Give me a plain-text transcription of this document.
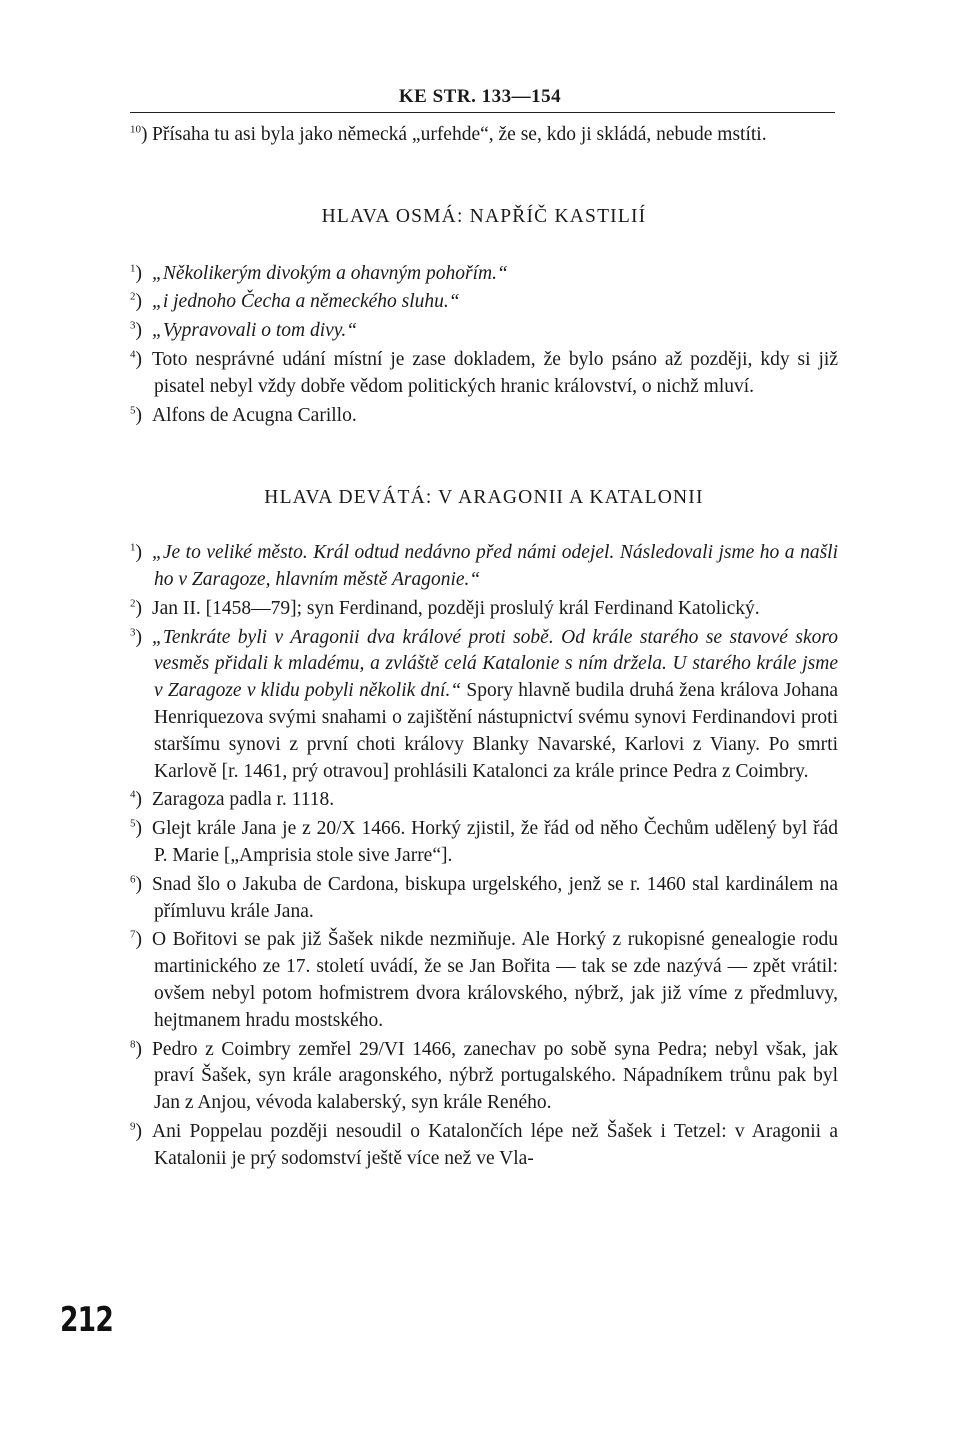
KE STR. 133—154

$^{10}$) Přísaha tu asi byla jako německá „urfehde“, že se, kdo ji skládá, nebude mstíti.

HLAVA OSMÁ: NAPŘÍČ KASTILIÍ

$^1$) „Několikerým divokým a ohavným pohořím.“

$^2$) „i jednoho Čecha a německého sluhu.“

$^3$) „Vypravovali o tom divy.“

$^4$) Toto nesprávné udání místní je zase dokladem, že bylo psáno až později, kdy si již pisatel nebyl vždy dobře vědom politických hranic království, o nichž mluví.

$^5$) Alfons de Acugna Carillo.

HLAVA DEVÁTÁ: V ARAGONII A KATALONII

$^1$) „Je to veliké město. Král odtud nedávno před námi odejel. Následovali jsme ho a našli ho v Zaragoze, hlavním městě Aragonie.“

$^2$) Jan II. [1458—79]; syn Ferdinand, později proslulý král Ferdinand Katolický.

$^3$) „Tenkráte byli v Aragonii dva králové proti sobě. Od krále starého se stavové skoro vesměs přidali k mladému, a zvláště celá Katalonie s ním držela. U starého krále jsme v Zaragoze v klidu pobyli několik dní.“ Spory hlavně budila druhá žena králova Johana Henriquezova svými snahami o zajištění nástupnictví svému synovi Ferdinandovi proti staršímu synovi z první choti královy Blanky Navarské, Karlovi z Viany. Po smrti Karlově [r. 1461, prý otravou] prohlásili Katalonci za krále prince Pedra z Coimbry.

$^4$) Zaragoza padla r. 1118.

$^5$) Glejt krále Jana je z 20/X 1466. Horký zjistil, že řád od něho Čechům udělený byl řád P. Marie [„Amprisia stole sive Jarre“].

$^6$) Snad šlo o Jakuba de Cardona, biskupa urgelského, jenž se r. 1460 stal kardinálem na přímluvu krále Jana.

$^7$) O Bořitovi se pak již Šašek nikde nezmiňuje. Ale Horký z rukopisné genealogie rodu martinického ze 17. století uvádí, že se Jan Bořita — tak se zde nazývá — zpět vrátil: ovšem nebyl potom hofmistrem dvora královského, nýbrž, jak již víme z předmluvy, hejtmanem hradu mostského.

$^8$) Pedro z Coimbry zemřel 29/VI 1466, zanechav po sobě syna Pedra; nebyl však, jak praví Šašek, syn krále aragonského, nýbrž portugalského. Nápadníkem trůnu pak byl Jan z Anjou, vévoda kalaberský, syn krále Reného.

$^9$) Ani Poppelau později nesoudil o Katalončích lépe než Šašek i Tetzel: v Aragonii a Katalonii je prý sodomství ještě více než ve Vla-

212
